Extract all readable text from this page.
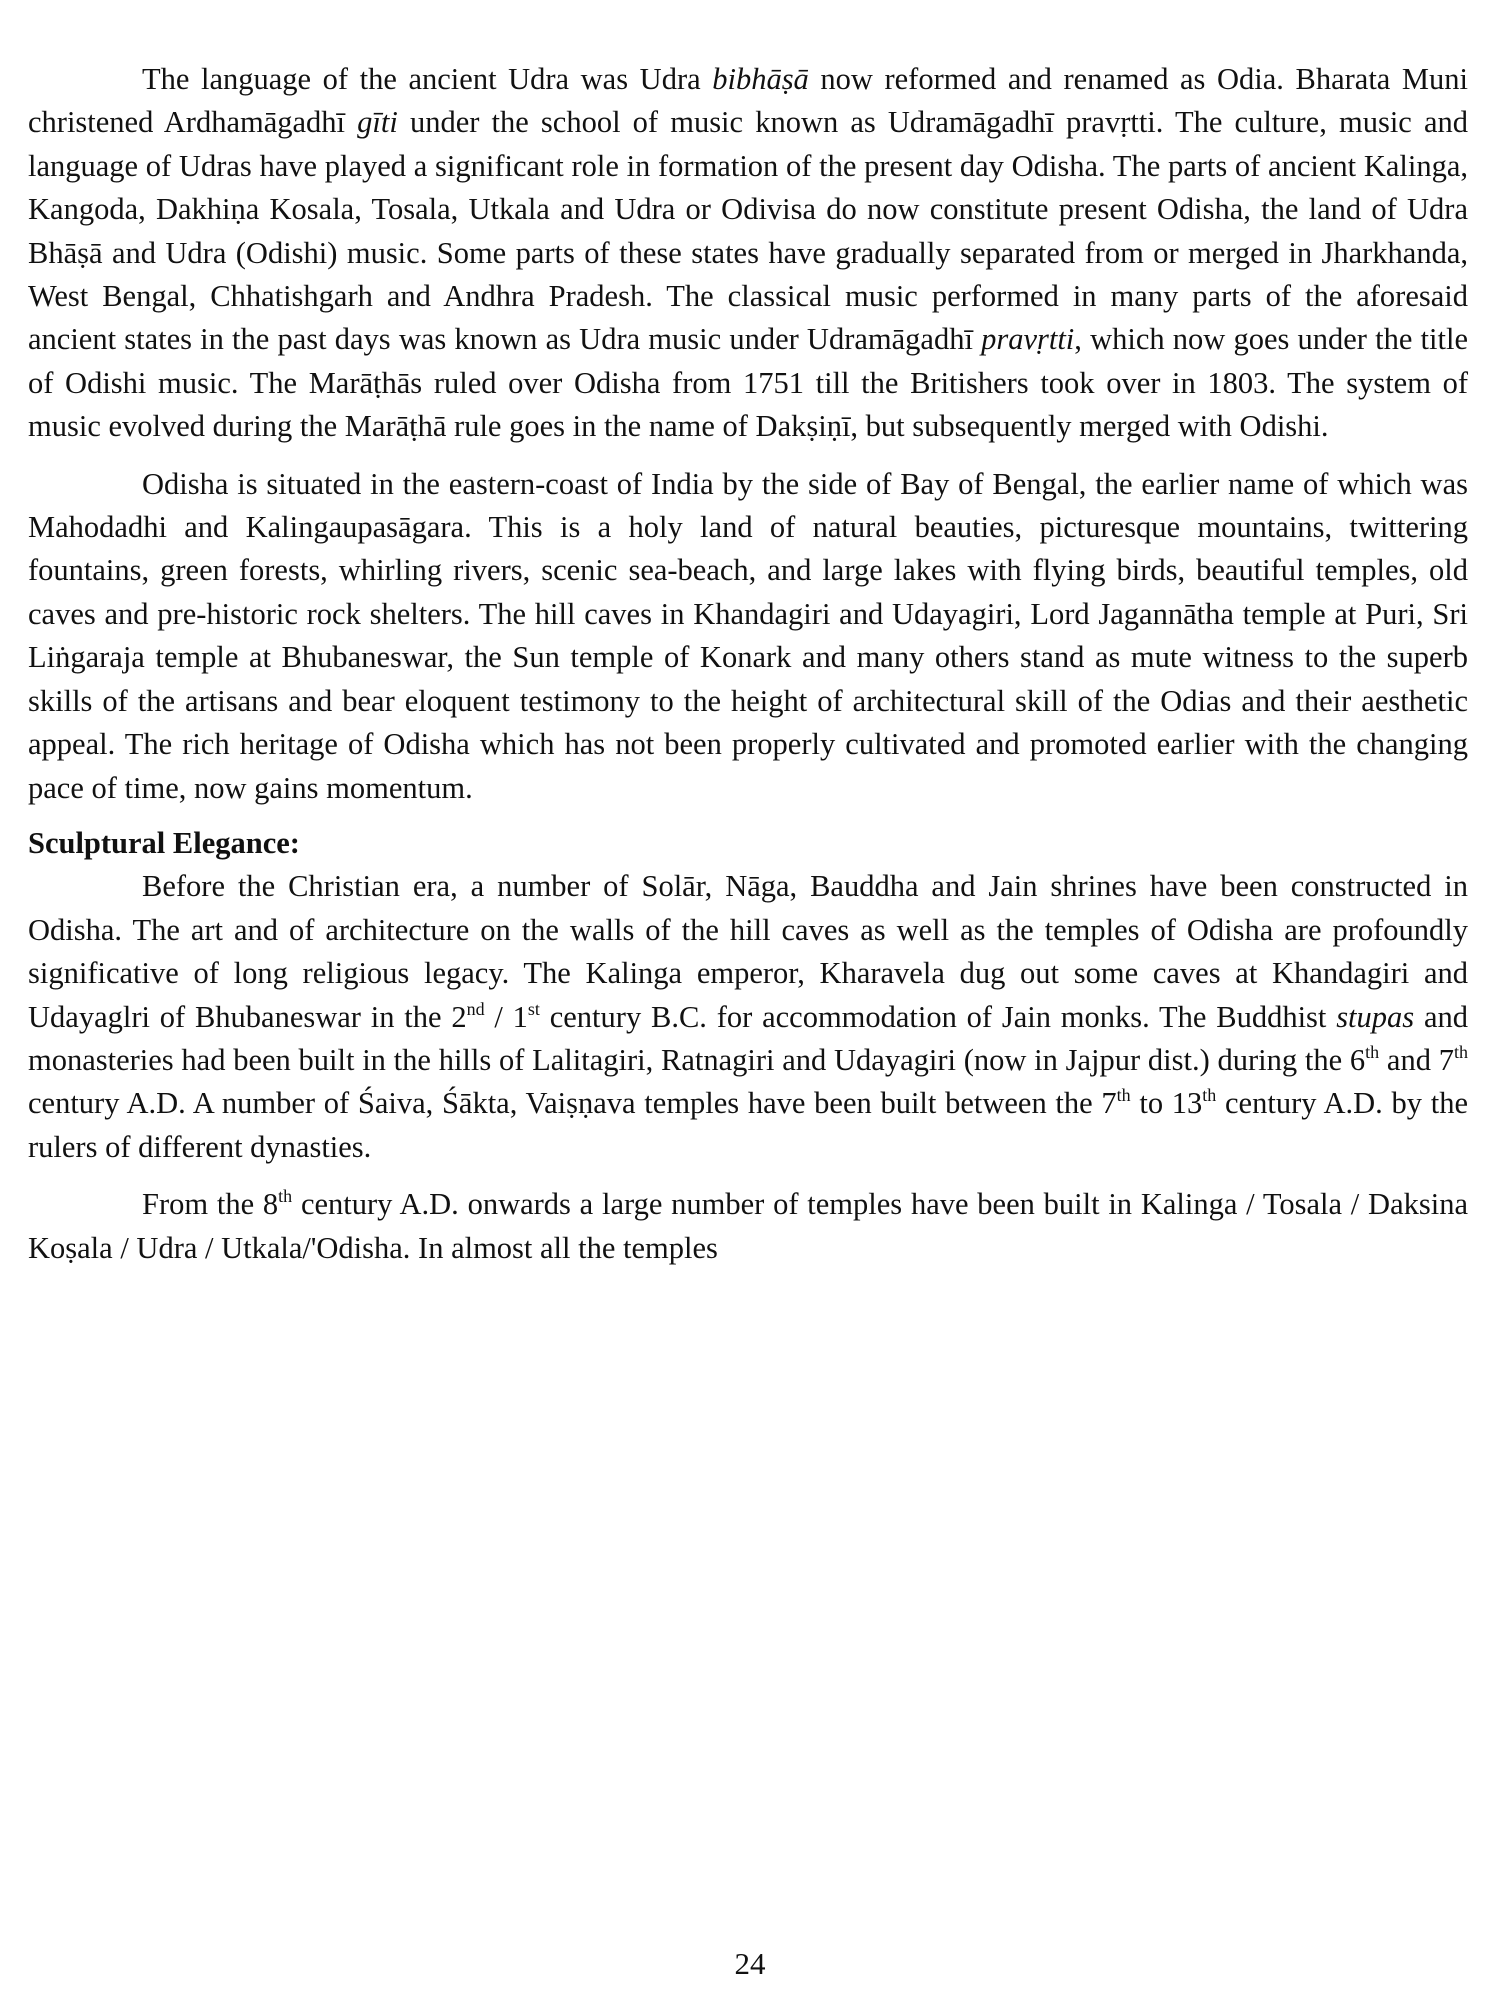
The language of the ancient Udra was Udra bibhāṣā now reformed and renamed as Odia. Bharata Muni christened Ardhamāgadhī gīti under the school of music known as Udramāgadhī pravṛtti. The culture, music and language of Udras have played a significant role in formation of the present day Odisha. The parts of ancient Kalinga, Kangoda, Dakhiṇa Kosala, Tosala, Utkala and Udra or Odivisa do now constitute present Odisha, the land of Udra Bhāṣā and Udra (Odishi) music. Some parts of these states have gradually separated from or merged in Jharkhanda, West Bengal, Chhatishgarh and Andhra Pradesh. The classical music performed in many parts of the aforesaid ancient states in the past days was known as Udra music under Udramāgadhī pravṛtti, which now goes under the title of Odishi music. The Marāṭhās ruled over Odisha from 1751 till the Britishers took over in 1803. The system of music evolved during the Marāṭhā rule goes in the name of Dakṣiṇī, but subsequently merged with Odishi.

Odisha is situated in the eastern-coast of India by the side of Bay of Bengal, the earlier name of which was Mahodadhi and Kalingaupasāgara. This is a holy land of natural beauties, picturesque mountains, twittering fountains, green forests, whirling rivers, scenic sea-beach, and large lakes with flying birds, beautiful temples, old caves and pre-historic rock shelters. The hill caves in Khandagiri and Udayagiri, Lord Jagannātha temple at Puri, Sri Liṅgaraja temple at Bhubaneswar, the Sun temple of Konark and many others stand as mute witness to the superb skills of the artisans and bear eloquent testimony to the height of architectural skill of the Odias and their aesthetic appeal. The rich heritage of Odisha which has not been properly cultivated and promoted earlier with the changing pace of time, now gains momentum.

Sculptural Elegance:

Before the Christian era, a number of Solār, Nāga, Bauddha and Jain shrines have been constructed in Odisha. The art and of architecture on the walls of the hill caves as well as the temples of Odisha are profoundly significative of long religious legacy. The Kalinga emperor, Kharavela dug out some caves at Khandagiri and Udayaglri of Bhubaneswar in the 2nd / 1st century B.C. for accommodation of Jain monks. The Buddhist stupas and monasteries had been built in the hills of Lalitagiri, Ratnagiri and Udayagiri (now in Jajpur dist.) during the 6th and 7th century A.D. A number of Śaiva, Śākta, Vaiṣṇava temples have been built between the 7th to 13th century A.D. by the rulers of different dynasties.

From the 8th century A.D. onwards a large number of temples have been built in Kalinga / Tosala / Daksina Koṣala / Udra / Utkala/'Odisha. In almost all the temples

24
